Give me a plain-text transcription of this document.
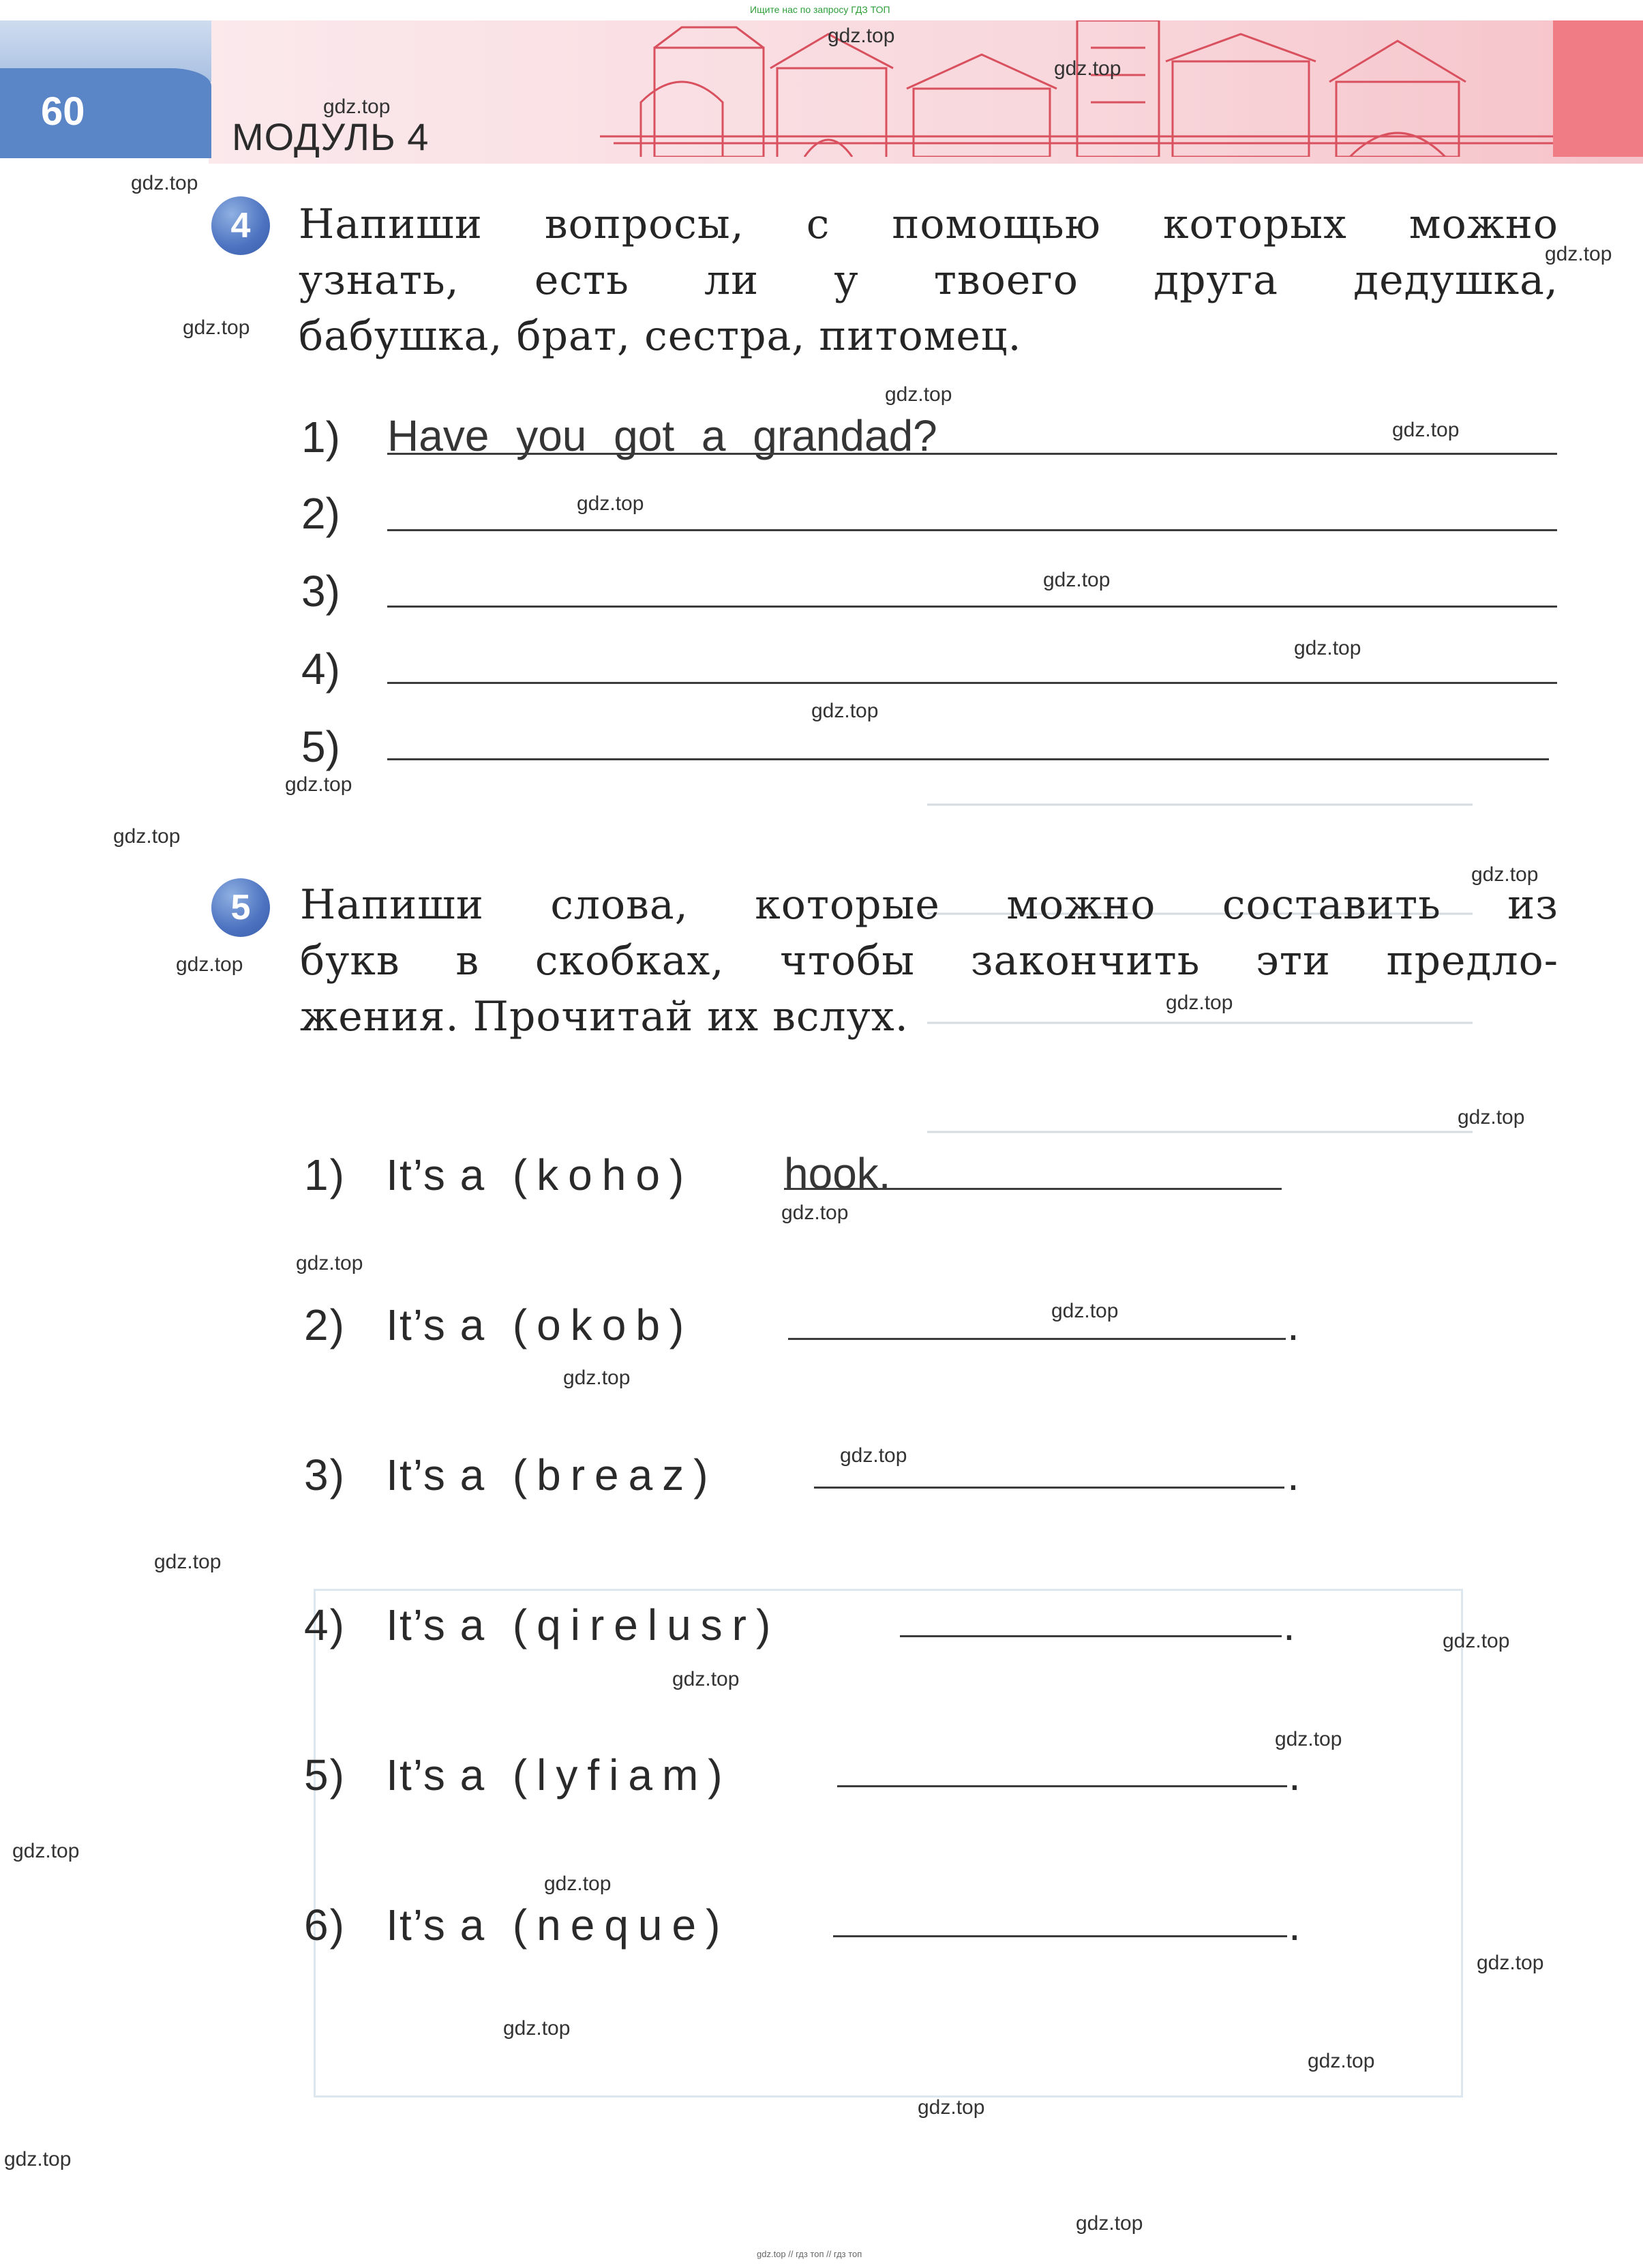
60
МОДУЛЬ 4
Ищите нас по запросу ГДЗ ТОП
4	Напиши вопросы, с помощью которых можно
узнать, есть ли у твоего друга дедушка,
бабушка, брат, сестра, питомец.
1) Have you got a grandad?
2)
3)
4)
5)
5	Напиши слова, которые можно составить из
букв в скобках, чтобы закончить эти предло-
жения. Прочитай их вслух.
1) It’s a (koho) hook.
2) It’s a (okob)	.
3) It’s a (breaz)	.
4) It’s a (qirelusr)	.
5) It’s a (lyfiam)	.
6) It’s a (neque)	.
gdz.top
gdz.top
gdz.top
gdz.top
gdz.top
gdz.top
gdz.top
gdz.top
gdz.top
gdz.top
gdz.top
gdz.top
gdz.top
gdz.top
gdz.top
gdz.top
gdz.top
gdz.top
gdz.top
gdz.top
gdz.top
gdz.top
gdz.top
gdz.top
gdz.top
gdz.top
gdz.top
gdz.top
gdz.top
gdz.top
gdz.top
gdz.top
gdz.top
gdz.top
gdz.top
gdz.top // гдз топ // гдз топ
